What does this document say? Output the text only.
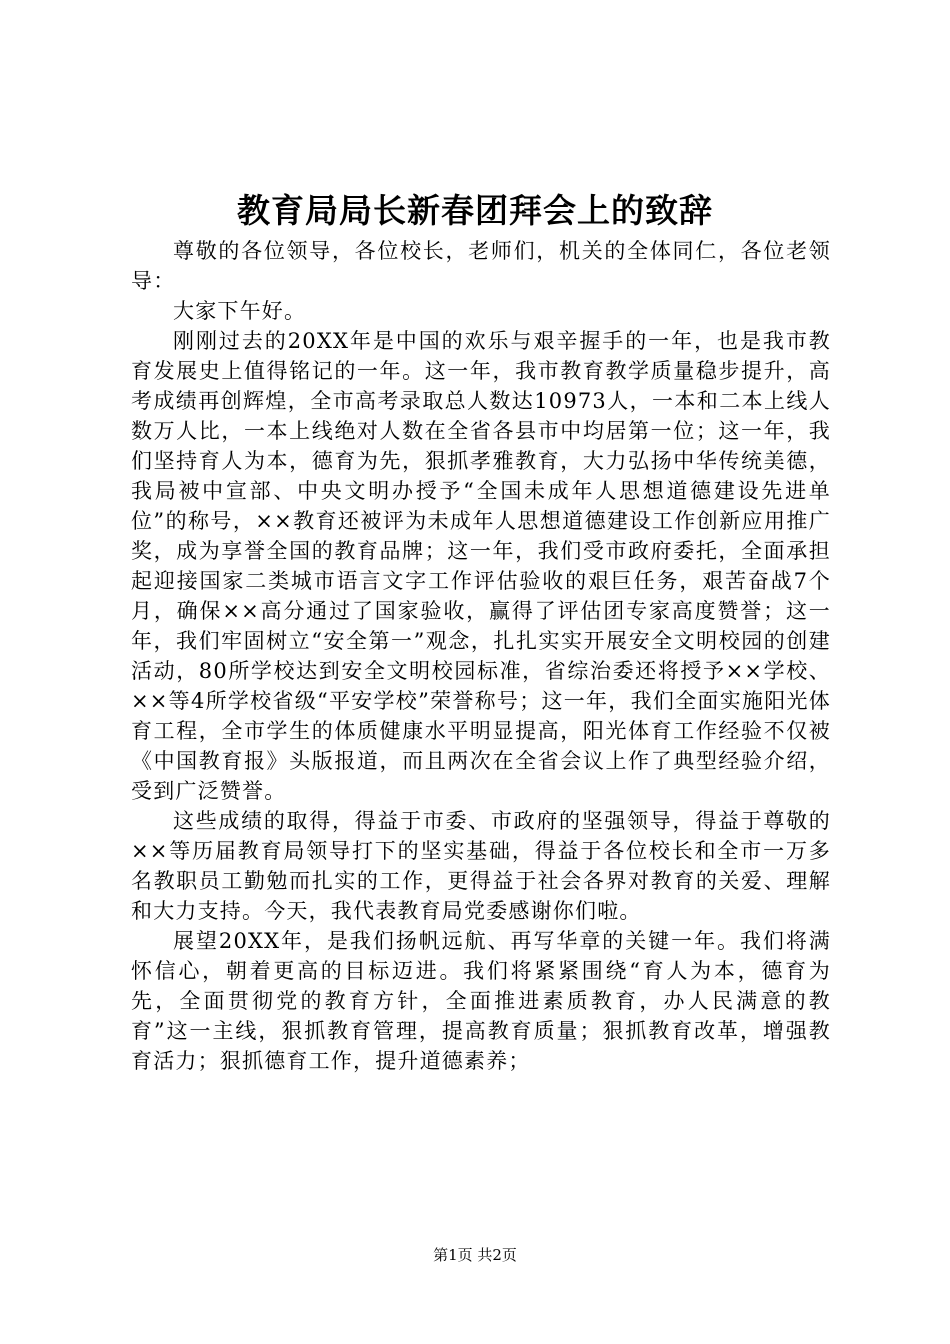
教育局局长新春团拜会上的致辞

尊敬的各位领导，各位校长，老师们，机关的全体同仁，各位老领导：

大家下午好。

刚刚过去的20XX年是中国的欢乐与艰辛握手的一年，也是我市教育发展史上值得铭记的一年。这一年，我市教育教学质量稳步提升，高考成绩再创辉煌，全市高考录取总人数达10973人，一本和二本上线人数万人比，一本上线绝对人数在全省各县市中均居第一位；这一年，我们坚持育人为本，德育为先，狠抓孝雅教育，大力弘扬中华传统美德，我局被中宣部、中央文明办授予“全国未成年人思想道德建设先进单位”的称号，××教育还被评为未成年人思想道德建设工作创新应用推广奖，成为享誉全国的教育品牌；这一年，我们受市政府委托，全面承担起迎接国家二类城市语言文字工作评估验收的艰巨任务，艰苦奋战7个月，确保××高分通过了国家验收，赢得了评估团专家高度赞誉；这一年，我们牢固树立“安全第一”观念，扎扎实实开展安全文明校园的创建活动，80所学校达到安全文明校园标准，省综治委还将授予××学校、××等4所学校省级“平安学校”荣誉称号；这一年，我们全面实施阳光体育工程，全市学生的体质健康水平明显提高，阳光体育工作经验不仅被《中国教育报》头版报道，而且两次在全省会议上作了典型经验介绍，受到广泛赞誉。

这些成绩的取得，得益于市委、市政府的坚强领导，得益于尊敬的××等历届教育局领导打下的坚实基础，得益于各位校长和全市一万多名教职员工勤勉而扎实的工作，更得益于社会各界对教育的关爱、理解和大力支持。今天，我代表教育局党委感谢你们啦。

展望20XX年，是我们扬帆远航、再写华章的关键一年。我们将满怀信心，朝着更高的目标迈进。我们将紧紧围绕“育人为本，德育为先，全面贯彻党的教育方针，全面推进素质教育，办人民满意的教育”这一主线，狠抓教育管理，提高教育质量；狠抓教育改革，增强教育活力；狠抓德育工作，提升道德素养；

第1页 共2页
